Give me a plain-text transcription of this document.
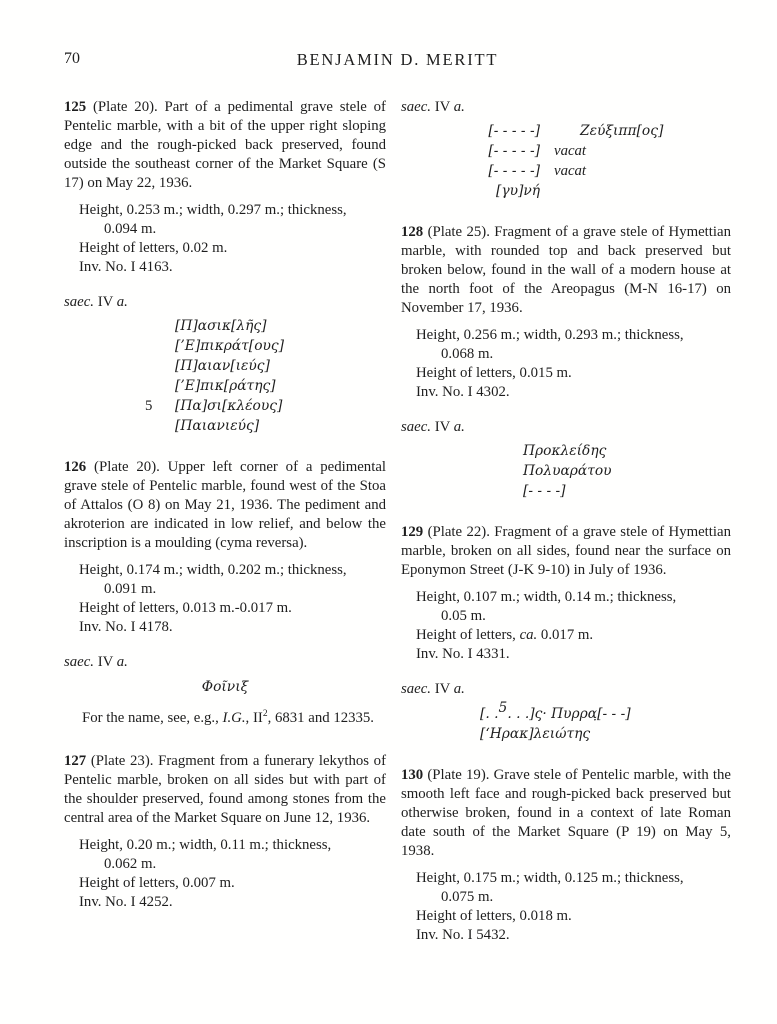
70	BENJAMIN D. MERITT

125 (Plate 20). Part of a pedimental grave stele of Pentelic marble, with a bit of the upper right sloping edge and the rough-picked back preserved, found outside the southeast corner of the Market Square (S 17) on May 22, 1936.

Height, 0.253 m.; width, 0.297 m.; thickness,

0.094 m.

Height of letters, 0.02 m.

Inv. No. I 4163.

saec. IV a.

[Π]ασικ[λῆς]
[’Ε]πικράτ[ους]
[Π]αιαν[ιεύς]
[’Ε]πικ[ράτης]
5 [Πα]σι[κλέους]
[Παιανιεύς]

126 (Plate 20). Upper left corner of a pedimental grave stele of Pentelic marble, found west of the Stoa of Attalos (O 8) on May 21, 1936. The pediment and akroterion are indicated in low relief, and below the inscription is a moulding (cyma reversa).

Height, 0.174 m.; width, 0.202 m.; thickness,

0.091 m.

Height of letters, 0.013 m.-0.017 m.

Inv. No. I 4178.

saec. IV a.

Φοῖνιξ

For the name, see, e.g., I.G., $II^2$, 6831 and 12335.

127 (Plate 23). Fragment from a funerary lekythos of Pentelic marble, broken on all sides but with part of the shoulder preserved, found among stones from the central area of the Market Square on June 12, 1936.

Height, 0.20 m.; width, 0.11 m.; thickness,

0.062 m.

Height of letters, 0.007 m.

Inv. No. I 4252.

saec. IV a.

[- - - - -]	Ζεύξιππ[ος]
[- - - - -] vacat
[- - - - -] vacat
[γυ]νή

128 (Plate 25). Fragment of a grave stele of Hymettian marble, with rounded top and back preserved but broken below, found in the wall of a modern house at the north foot of the Areopagus (M-N 16-17) on November 17, 1936.

Height, 0.256 m.; width, 0.293 m.; thickness,

0.068 m.

Height of letters, 0.015 m.

Inv. No. I 4302.

saec. IV a.

Προκλείδης
Πολυαράτου
[- - - -]

129 (Plate 22). Fragment of a grave stele of Hymettian marble, broken on all sides, found near the surface on Eponymon Street (J-K 9-10) in July of 1936.

Height, 0.107 m.; width, 0.14 m.; thickness,

0.05 m.

Height of letters, ca. 0.017 m.

Inv. No. I 4331.

saec. IV a.

[. .$^5$. . .]ς· Πυρρα̣[- - -]
[‘Ηρακ]λειώτης

130 (Plate 19). Grave stele of Pentelic marble, with the smooth left face and rough-picked back preserved but otherwise broken, found in a context of late Roman date south of the Market Square (P 19) on May 5, 1938.

Height, 0.175 m.; width, 0.125 m.; thickness,

0.075 m.

Height of letters, 0.018 m.

Inv. No. I 5432.
